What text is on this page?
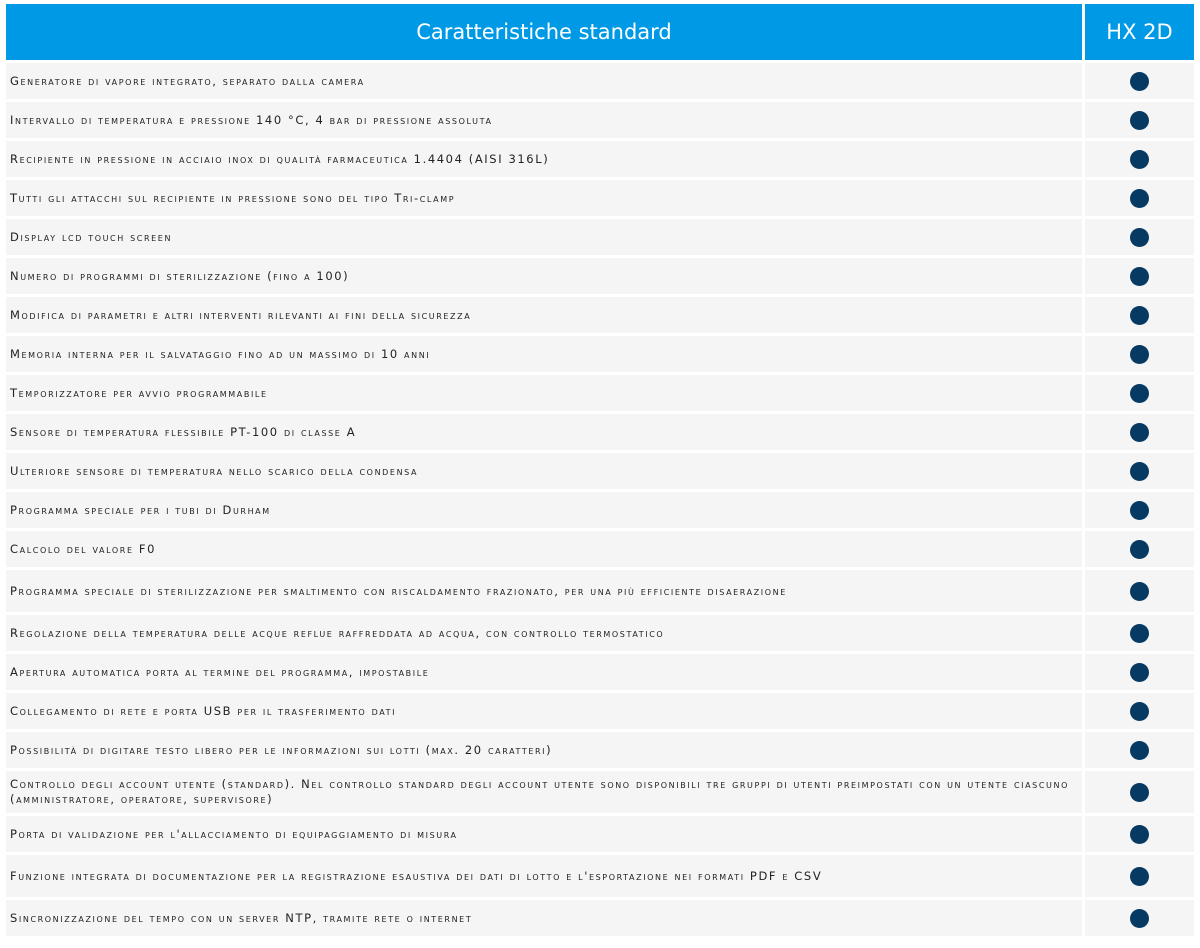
Caratteristiche standard	HX 2D
Generatore di vapore integrato, separato dalla camera	
Intervallo di temperatura e pressione 140 °C, 4 bar di pressione assoluta	
Recipiente in pressione in acciaio inox di qualità farmaceutica 1.4404 (AISI 316L)	
Tutti gli attacchi sul recipiente in pressione sono del tipo Tri-clamp	
Display lcd touch screen	
Numero di programmi di sterilizzazione (fino a 100)	
Modifica di parametri e altri interventi rilevanti ai fini della sicurezza	
Memoria interna per il salvataggio fino ad un massimo di 10 anni	
Temporizzatore per avvio programmabile	
Sensore di temperatura flessibile PT-100 di classe A	
Ulteriore sensore di temperatura nello scarico della condensa	
Programma speciale per i tubi di Durham	
Calcolo del valore F0	
Programma speciale di sterilizzazione per smaltimento con riscaldamento frazionato, per una più efficiente disaerazione	
Regolazione della temperatura delle acque reflue raffreddata ad acqua, con controllo termostatico	
Apertura automatica porta al termine del programma, impostabile	
Collegamento di rete e porta USB per il trasferimento dati	
Possibilità di digitare testo libero per le informazioni sui lotti (max. 20 caratteri)	
Controllo degli account utente (standard). Nel controllo standard degli account utente sono disponibili tre gruppi di utenti preimpostati con un utente ciascuno (amministratore, operatore, supervisore)	
Porta di validazione per l'allacciamento di equipaggiamento di misura	
Funzione integrata di documentazione per la registrazione esaustiva dei dati di lotto e l'esportazione nei formati PDF e CSV	
Sincronizzazione del tempo con un server NTP, tramite rete o internet	
